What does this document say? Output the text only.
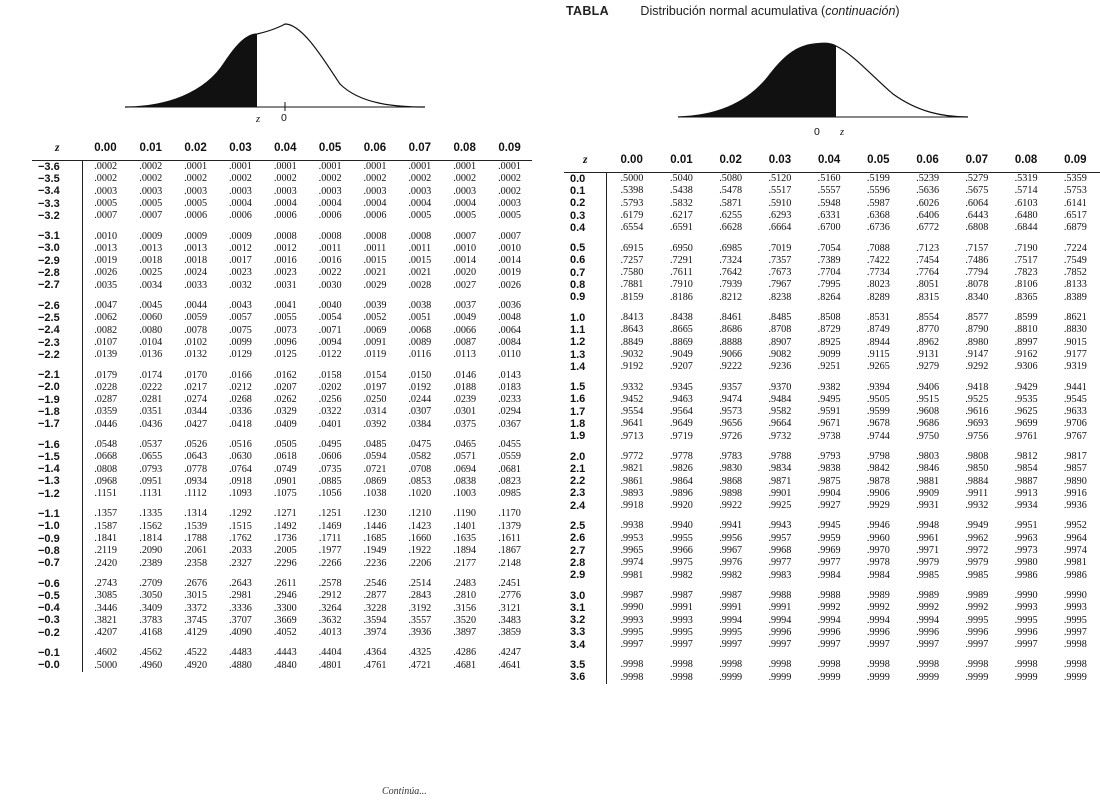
z 0
z	0.00	0.01	0.02	0.03	0.04	0.05	0.06	0.07	0.08	0.09
−3.6	.0002	.0002	.0001	.0001	.0001	.0001	.0001	.0001	.0001	.0001
−3.5	.0002	.0002	.0002	.0002	.0002	.0002	.0002	.0002	.0002	.0002
−3.4	.0003	.0003	.0003	.0003	.0003	.0003	.0003	.0003	.0003	.0002
−3.3	.0005	.0005	.0005	.0004	.0004	.0004	.0004	.0004	.0004	.0003
−3.2	.0007	.0007	.0006	.0006	.0006	.0006	.0006	.0005	.0005	.0005
−3.1	.0010	.0009	.0009	.0009	.0008	.0008	.0008	.0008	.0007	.0007
−3.0	.0013	.0013	.0013	.0012	.0012	.0011	.0011	.0011	.0010	.0010
−2.9	.0019	.0018	.0018	.0017	.0016	.0016	.0015	.0015	.0014	.0014
−2.8	.0026	.0025	.0024	.0023	.0023	.0022	.0021	.0021	.0020	.0019
−2.7	.0035	.0034	.0033	.0032	.0031	.0030	.0029	.0028	.0027	.0026
−2.6	.0047	.0045	.0044	.0043	.0041	.0040	.0039	.0038	.0037	.0036
−2.5	.0062	.0060	.0059	.0057	.0055	.0054	.0052	.0051	.0049	.0048
−2.4	.0082	.0080	.0078	.0075	.0073	.0071	.0069	.0068	.0066	.0064
−2.3	.0107	.0104	.0102	.0099	.0096	.0094	.0091	.0089	.0087	.0084
−2.2	.0139	.0136	.0132	.0129	.0125	.0122	.0119	.0116	.0113	.0110
−2.1	.0179	.0174	.0170	.0166	.0162	.0158	.0154	.0150	.0146	.0143
−2.0	.0228	.0222	.0217	.0212	.0207	.0202	.0197	.0192	.0188	.0183
−1.9	.0287	.0281	.0274	.0268	.0262	.0256	.0250	.0244	.0239	.0233
−1.8	.0359	.0351	.0344	.0336	.0329	.0322	.0314	.0307	.0301	.0294
−1.7	.0446	.0436	.0427	.0418	.0409	.0401	.0392	.0384	.0375	.0367
−1.6	.0548	.0537	.0526	.0516	.0505	.0495	.0485	.0475	.0465	.0455
−1.5	.0668	.0655	.0643	.0630	.0618	.0606	.0594	.0582	.0571	.0559
−1.4	.0808	.0793	.0778	.0764	.0749	.0735	.0721	.0708	.0694	.0681
−1.3	.0968	.0951	.0934	.0918	.0901	.0885	.0869	.0853	.0838	.0823
−1.2	.1151	.1131	.1112	.1093	.1075	.1056	.1038	.1020	.1003	.0985
−1.1	.1357	.1335	.1314	.1292	.1271	.1251	.1230	.1210	.1190	.1170
−1.0	.1587	.1562	.1539	.1515	.1492	.1469	.1446	.1423	.1401	.1379
−0.9	.1841	.1814	.1788	.1762	.1736	.1711	.1685	.1660	.1635	.1611
−0.8	.2119	.2090	.2061	.2033	.2005	.1977	.1949	.1922	.1894	.1867
−0.7	.2420	.2389	.2358	.2327	.2296	.2266	.2236	.2206	.2177	.2148
−0.6	.2743	.2709	.2676	.2643	.2611	.2578	.2546	.2514	.2483	.2451
−0.5	.3085	.3050	.3015	.2981	.2946	.2912	.2877	.2843	.2810	.2776
−0.4	.3446	.3409	.3372	.3336	.3300	.3264	.3228	.3192	.3156	.3121
−0.3	.3821	.3783	.3745	.3707	.3669	.3632	.3594	.3557	.3520	.3483
−0.2	.4207	.4168	.4129	.4090	.4052	.4013	.3974	.3936	.3897	.3859
−0.1	.4602	.4562	.4522	.4483	.4443	.4404	.4364	.4325	.4286	.4247
−0.0	.5000	.4960	.4920	.4880	.4840	.4801	.4761	.4721	.4681	.4641
Continúa...
TABLA	Distribución normal acumulativa (continuación)
0 z
z	0.00	0.01	0.02	0.03	0.04	0.05	0.06	0.07	0.08	0.09
0.0	.5000	.5040	.5080	.5120	.5160	.5199	.5239	.5279	.5319	.5359
0.1	.5398	.5438	.5478	.5517	.5557	.5596	.5636	.5675	.5714	.5753
0.2	.5793	.5832	.5871	.5910	.5948	.5987	.6026	.6064	.6103	.6141
0.3	.6179	.6217	.6255	.6293	.6331	.6368	.6406	.6443	.6480	.6517
0.4	.6554	.6591	.6628	.6664	.6700	.6736	.6772	.6808	.6844	.6879
0.5	.6915	.6950	.6985	.7019	.7054	.7088	.7123	.7157	.7190	.7224
0.6	.7257	.7291	.7324	.7357	.7389	.7422	.7454	.7486	.7517	.7549
0.7	.7580	.7611	.7642	.7673	.7704	.7734	.7764	.7794	.7823	.7852
0.8	.7881	.7910	.7939	.7967	.7995	.8023	.8051	.8078	.8106	.8133
0.9	.8159	.8186	.8212	.8238	.8264	.8289	.8315	.8340	.8365	.8389
1.0	.8413	.8438	.8461	.8485	.8508	.8531	.8554	.8577	.8599	.8621
1.1	.8643	.8665	.8686	.8708	.8729	.8749	.8770	.8790	.8810	.8830
1.2	.8849	.8869	.8888	.8907	.8925	.8944	.8962	.8980	.8997	.9015
1.3	.9032	.9049	.9066	.9082	.9099	.9115	.9131	.9147	.9162	.9177
1.4	.9192	.9207	.9222	.9236	.9251	.9265	.9279	.9292	.9306	.9319
1.5	.9332	.9345	.9357	.9370	.9382	.9394	.9406	.9418	.9429	.9441
1.6	.9452	.9463	.9474	.9484	.9495	.9505	.9515	.9525	.9535	.9545
1.7	.9554	.9564	.9573	.9582	.9591	.9599	.9608	.9616	.9625	.9633
1.8	.9641	.9649	.9656	.9664	.9671	.9678	.9686	.9693	.9699	.9706
1.9	.9713	.9719	.9726	.9732	.9738	.9744	.9750	.9756	.9761	.9767
2.0	.9772	.9778	.9783	.9788	.9793	.9798	.9803	.9808	.9812	.9817
2.1	.9821	.9826	.9830	.9834	.9838	.9842	.9846	.9850	.9854	.9857
2.2	.9861	.9864	.9868	.9871	.9875	.9878	.9881	.9884	.9887	.9890
2.3	.9893	.9896	.9898	.9901	.9904	.9906	.9909	.9911	.9913	.9916
2.4	.9918	.9920	.9922	.9925	.9927	.9929	.9931	.9932	.9934	.9936
2.5	.9938	.9940	.9941	.9943	.9945	.9946	.9948	.9949	.9951	.9952
2.6	.9953	.9955	.9956	.9957	.9959	.9960	.9961	.9962	.9963	.9964
2.7	.9965	.9966	.9967	.9968	.9969	.9970	.9971	.9972	.9973	.9974
2.8	.9974	.9975	.9976	.9977	.9977	.9978	.9979	.9979	.9980	.9981
2.9	.9981	.9982	.9982	.9983	.9984	.9984	.9985	.9985	.9986	.9986
3.0	.9987	.9987	.9987	.9988	.9988	.9989	.9989	.9989	.9990	.9990
3.1	.9990	.9991	.9991	.9991	.9992	.9992	.9992	.9992	.9993	.9993
3.2	.9993	.9993	.9994	.9994	.9994	.9994	.9994	.9995	.9995	.9995
3.3	.9995	.9995	.9995	.9996	.9996	.9996	.9996	.9996	.9996	.9997
3.4	.9997	.9997	.9997	.9997	.9997	.9997	.9997	.9997	.9997	.9998
3.5	.9998	.9998	.9998	.9998	.9998	.9998	.9998	.9998	.9998	.9998
3.6	.9998	.9998	.9999	.9999	.9999	.9999	.9999	.9999	.9999	.9999
